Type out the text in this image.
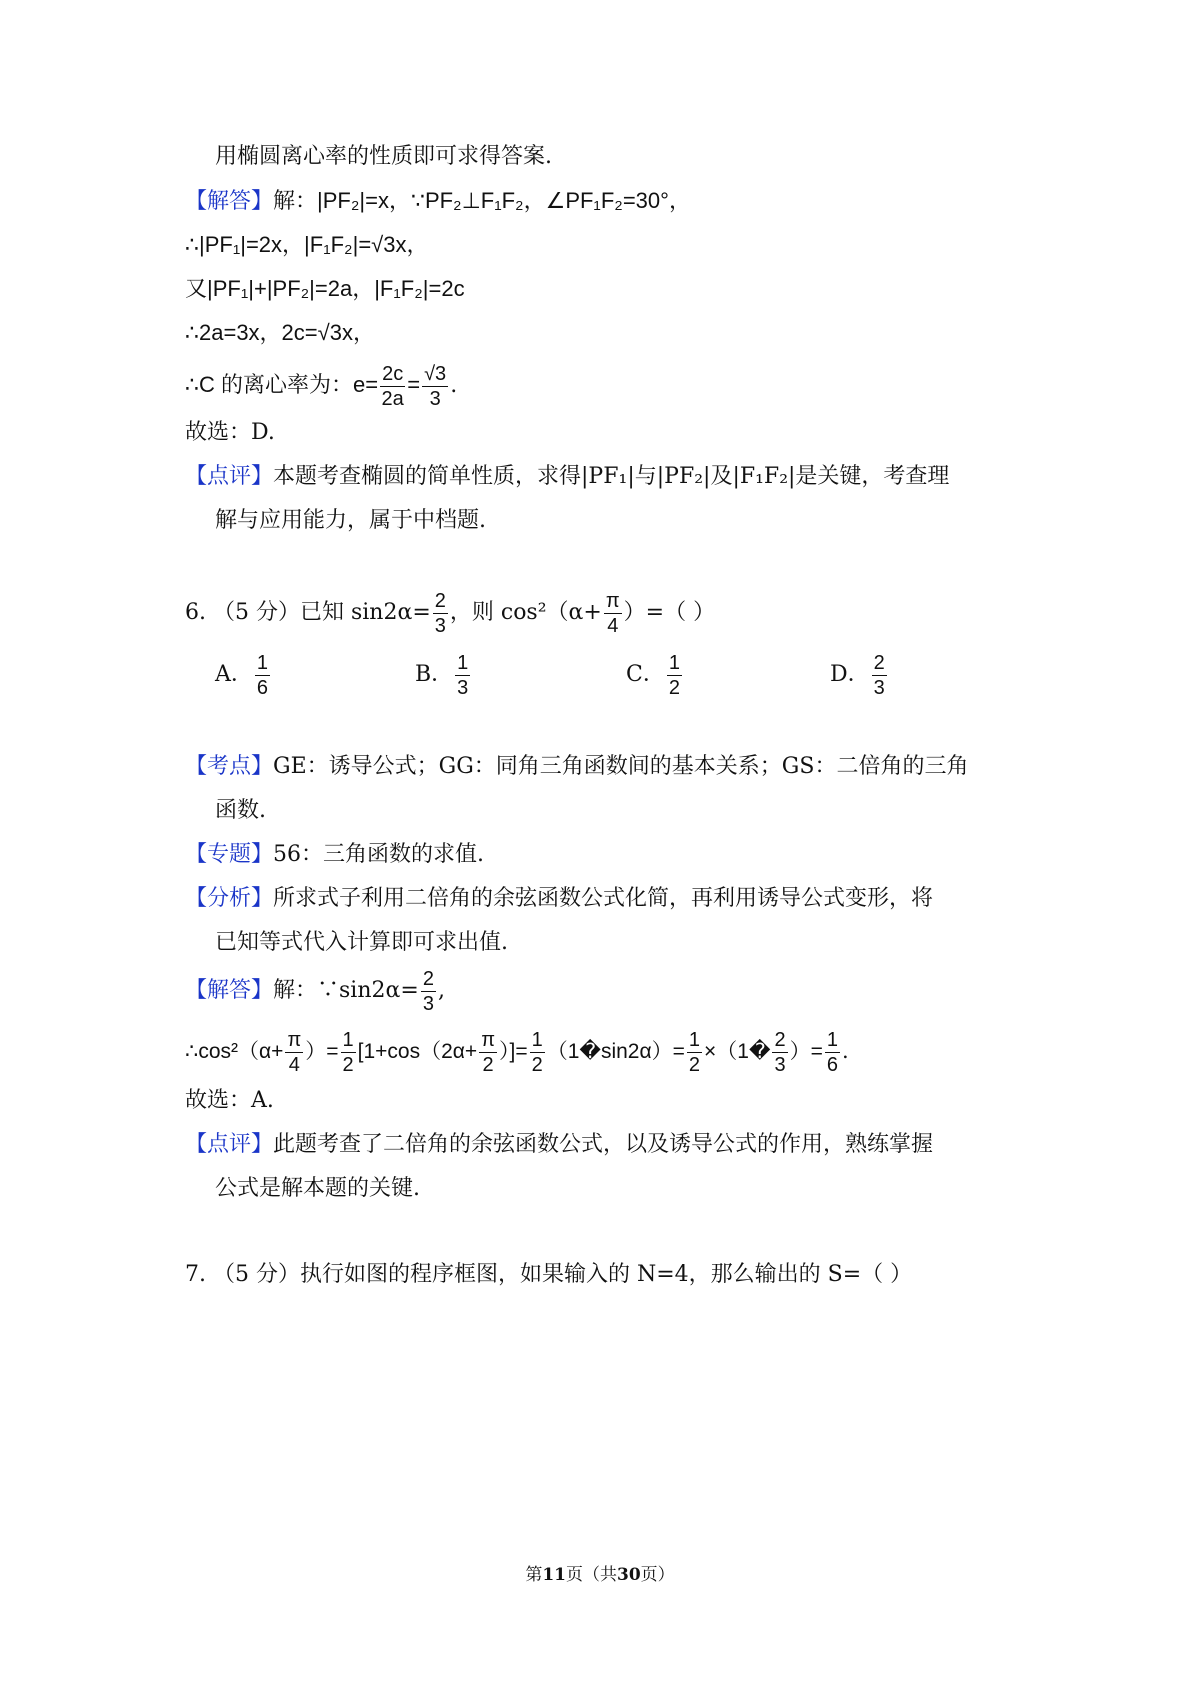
用椭圆离心率的性质即可求得答案.
【解答】解：|PF₂|=x，∵PF₂⊥F₁F₂，∠PF₁F₂=30°，
∴|PF₁|=2x，|F₁F₂|=√3x，
又|PF₁|+|PF₂|=2a，|F₁F₂|=2c
∴2a=3x，2c=√3x，
∴C 的离心率为：$e= \frac{2c}{2a} = \frac{√3}{3}$ .
故选：D.
【点评】本题考查椭圆的简单性质，求得|PF₁|与|PF₂|及|F₁F₂|是关键，考查理
解与应用能力，属于中档题.
6. （5 分）已知 $\sin 2\alpha= \frac{2}{3}$ ，则 $\cos^2(\alpha+ \frac{\pi}{4}$ ）=（ ）
A． $\frac{1}{6}$	B． $\frac{1}{3}$	C． $\frac{1}{2}$	D． $\frac{2}{3}$
【考点】GE：诱导公式；GG：同角三角函数间的基本关系；GS：二倍角的三角
函数.
【专题】56：三角函数的求值.
【分析】所求式子利用二倍角的余弦函数公式化简，再利用诱导公式变形，将
已知等式代入计算即可求出值.
【解答】解：∵sin2α= $\frac{2}{3}$ ,
∴cos²（α+ $\frac{\pi}{4}$ ）= $\frac{1}{2} [1+\cos(2\alpha+ \frac{\pi}{2}$ ）]= $\frac{1}{2}$ （1�sin2α）= $\frac{1}{2}$ ×（1� $\frac{2}{3}$ ）= $\frac{1}{6}$ .
故选：A.
【点评】此题考查了二倍角的余弦函数公式，以及诱导公式的作用，熟练掌握
公式是解本题的关键.
7. （5 分）执行如图的程序框图，如果输入的 N=4，那么输出的 S=（ ）
第11页（共30页）
